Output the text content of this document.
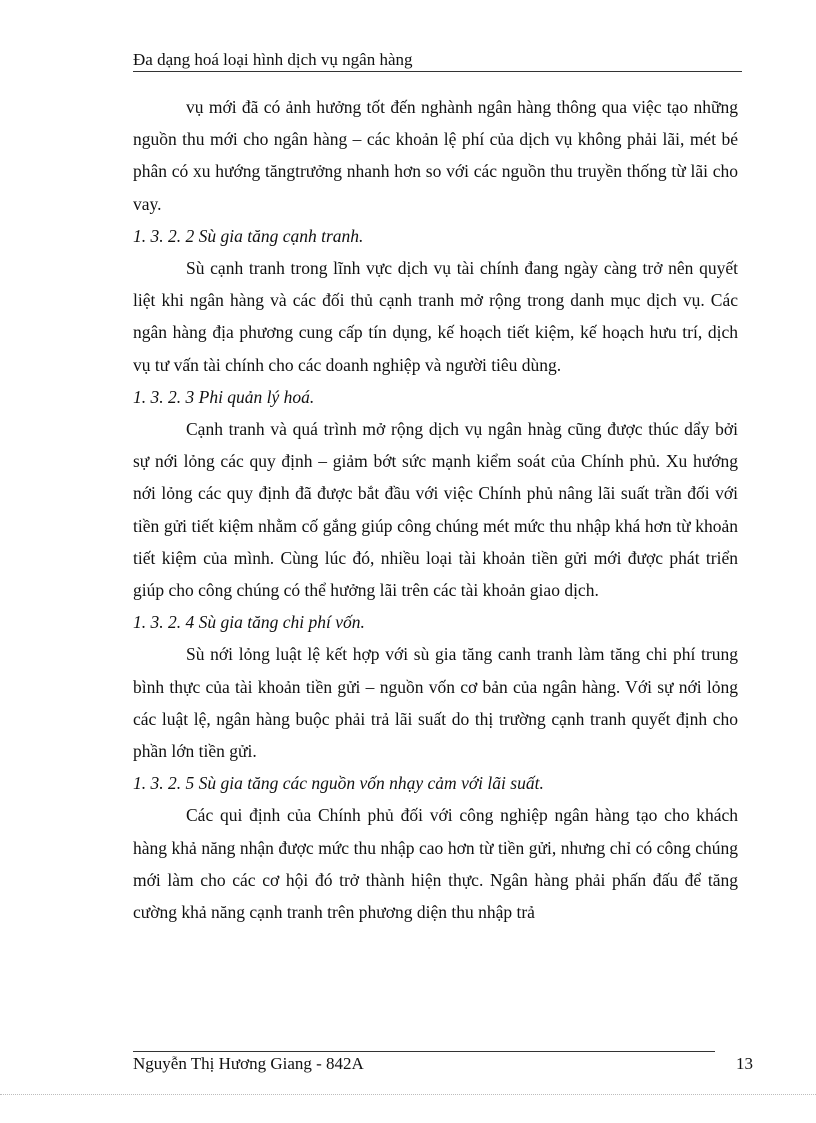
Đa dạng hoá loại hình dịch vụ ngân hàng

vụ mới đã có ảnh hưởng tốt đến nghành ngân hàng thông qua việc tạo những nguồn thu mới cho ngân hàng – các khoản lệ phí của dịch vụ không phải lãi, mét bé phân có xu hướng tăngtrưởng nhanh hơn so với các nguồn thu truyền thống từ lãi cho vay.

1. 3. 2. 2 Sù gia tăng cạnh tranh.

Sù cạnh tranh trong lĩnh vực dịch vụ tài chính đang ngày càng trở nên quyết liệt khi ngân hàng và các đối thủ cạnh tranh mở rộng trong danh mục dịch vụ. Các ngân hàng địa phương cung cấp tín dụng, kế hoạch tiết kiệm, kế hoạch hưu trí, dịch vụ tư vấn tài chính cho các doanh nghiệp và người tiêu dùng.

1. 3. 2. 3 Phi quản lý hoá.

Cạnh tranh và quá trình mở rộng dịch vụ ngân hnàg cũng được thúc dẩy bởi sự nới lỏng các quy định – giảm bớt sức mạnh kiểm soát của Chính phủ. Xu hướng nới lỏng các quy định đã được bắt đầu với việc Chính phủ nâng lãi suất trần đối với tiền gửi tiết kiệm nhằm cố gắng giúp công chúng mét mức thu nhập khá hơn từ khoản tiết kiệm của mình. Cùng lúc đó, nhiều loại tài khoản tiền gửi mới được phát triển giúp cho công chúng có thể hưởng lãi trên các tài khoản giao dịch.

1. 3. 2. 4 Sù gia tăng chi phí vốn.

Sù nới lỏng luật lệ kết hợp với sù gia tăng canh tranh làm tăng chi phí trung bình thực của tài khoản tiền gửi – nguồn vốn cơ bản của ngân hàng. Với sự nới lỏng các luật lệ, ngân hàng buộc phải trả lãi suất do thị trường cạnh tranh quyết định cho phần lớn tiền gửi.

1. 3. 2. 5 Sù gia tăng các nguồn vốn nhạy cảm với lãi suất.

Các qui định của Chính phủ đối với công nghiệp ngân hàng tạo cho khách hàng khả năng nhận được mức thu nhập cao hơn từ tiền gửi, nhưng chỉ có công chúng mới làm cho các cơ hội đó trở thành hiện thực. Ngân hàng phải phấn đấu để tăng cường khả năng cạnh tranh trên phương diện thu nhập trả

Nguyễn Thị Hương Giang - 842A	13
